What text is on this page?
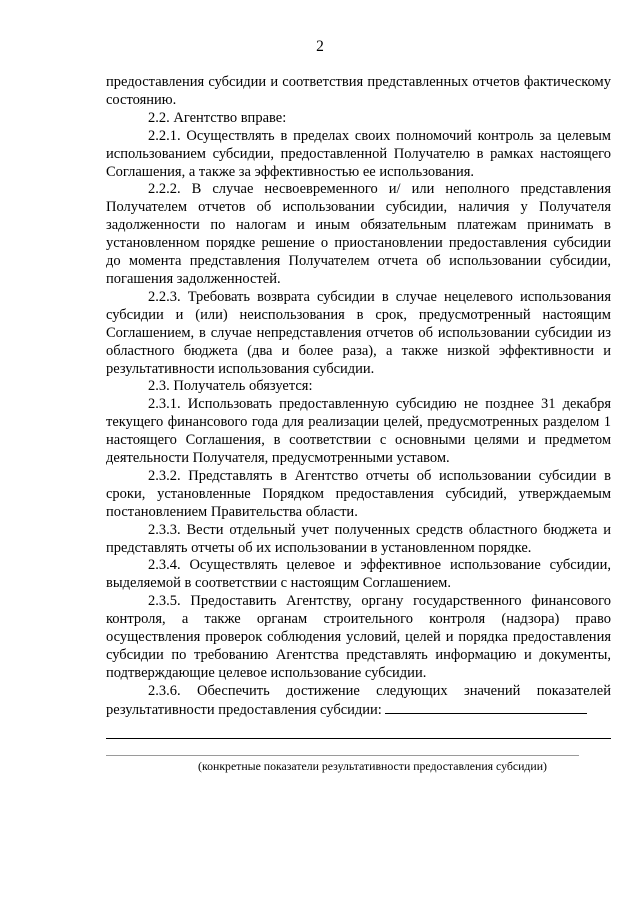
2

предоставления субсидии и соответствия представленных отчетов фактическому состоянию.

2.2. Агентство вправе:

2.2.1. Осуществлять в пределах своих полномочий контроль за целевым использованием субсидии, предоставленной Получателю в рамках настоящего Соглашения, а также за эффективностью ее использования.

2.2.2. В случае несвоевременного и/ или неполного представления Получателем отчетов об использовании субсидии, наличия у Получателя задолженности по налогам и иным обязательным платежам принимать в установленном порядке решение о приостановлении предоставления субсидии до момента представления Получателем отчета об использовании субсидии, погашения задолженностей.

2.2.3. Требовать возврата субсидии в случае нецелевого использования субсидии и (или) неиспользования в срок, предусмотренный настоящим Соглашением, в случае непредставления отчетов об использовании субсидии из областного бюджета (два и более раза), а также низкой эффективности и результативности использования субсидии.

2.3. Получатель обязуется:

2.3.1. Использовать предоставленную субсидию не позднее 31 декабря текущего финансового года для реализации целей, предусмотренных разделом 1 настоящего Соглашения, в соответствии с основными целями и предметом деятельности Получателя, предусмотренными уставом.

2.3.2. Представлять в Агентство отчеты об использовании субсидии в сроки, установленные Порядком предоставления субсидий, утверждаемым постановлением Правительства области.

2.3.3. Вести отдельный учет полученных средств областного бюджета и представлять отчеты об их использовании в установленном порядке.

2.3.4. Осуществлять целевое и эффективное использование субсидии, выделяемой в соответствии с настоящим Соглашением.

2.3.5. Предоставить Агентству, органу государственного финансового контроля, а также органам строительного контроля (надзора) право осуществления проверок соблюдения условий, целей и порядка предоставления субсидии по требованию Агентства представлять информацию и документы, подтверждающие целевое использование субсидии.

2.3.6. Обеспечить достижение следующих значений показателей результативности предоставления субсидии:

(конкретные показатели результативности предоставления субсидии)
